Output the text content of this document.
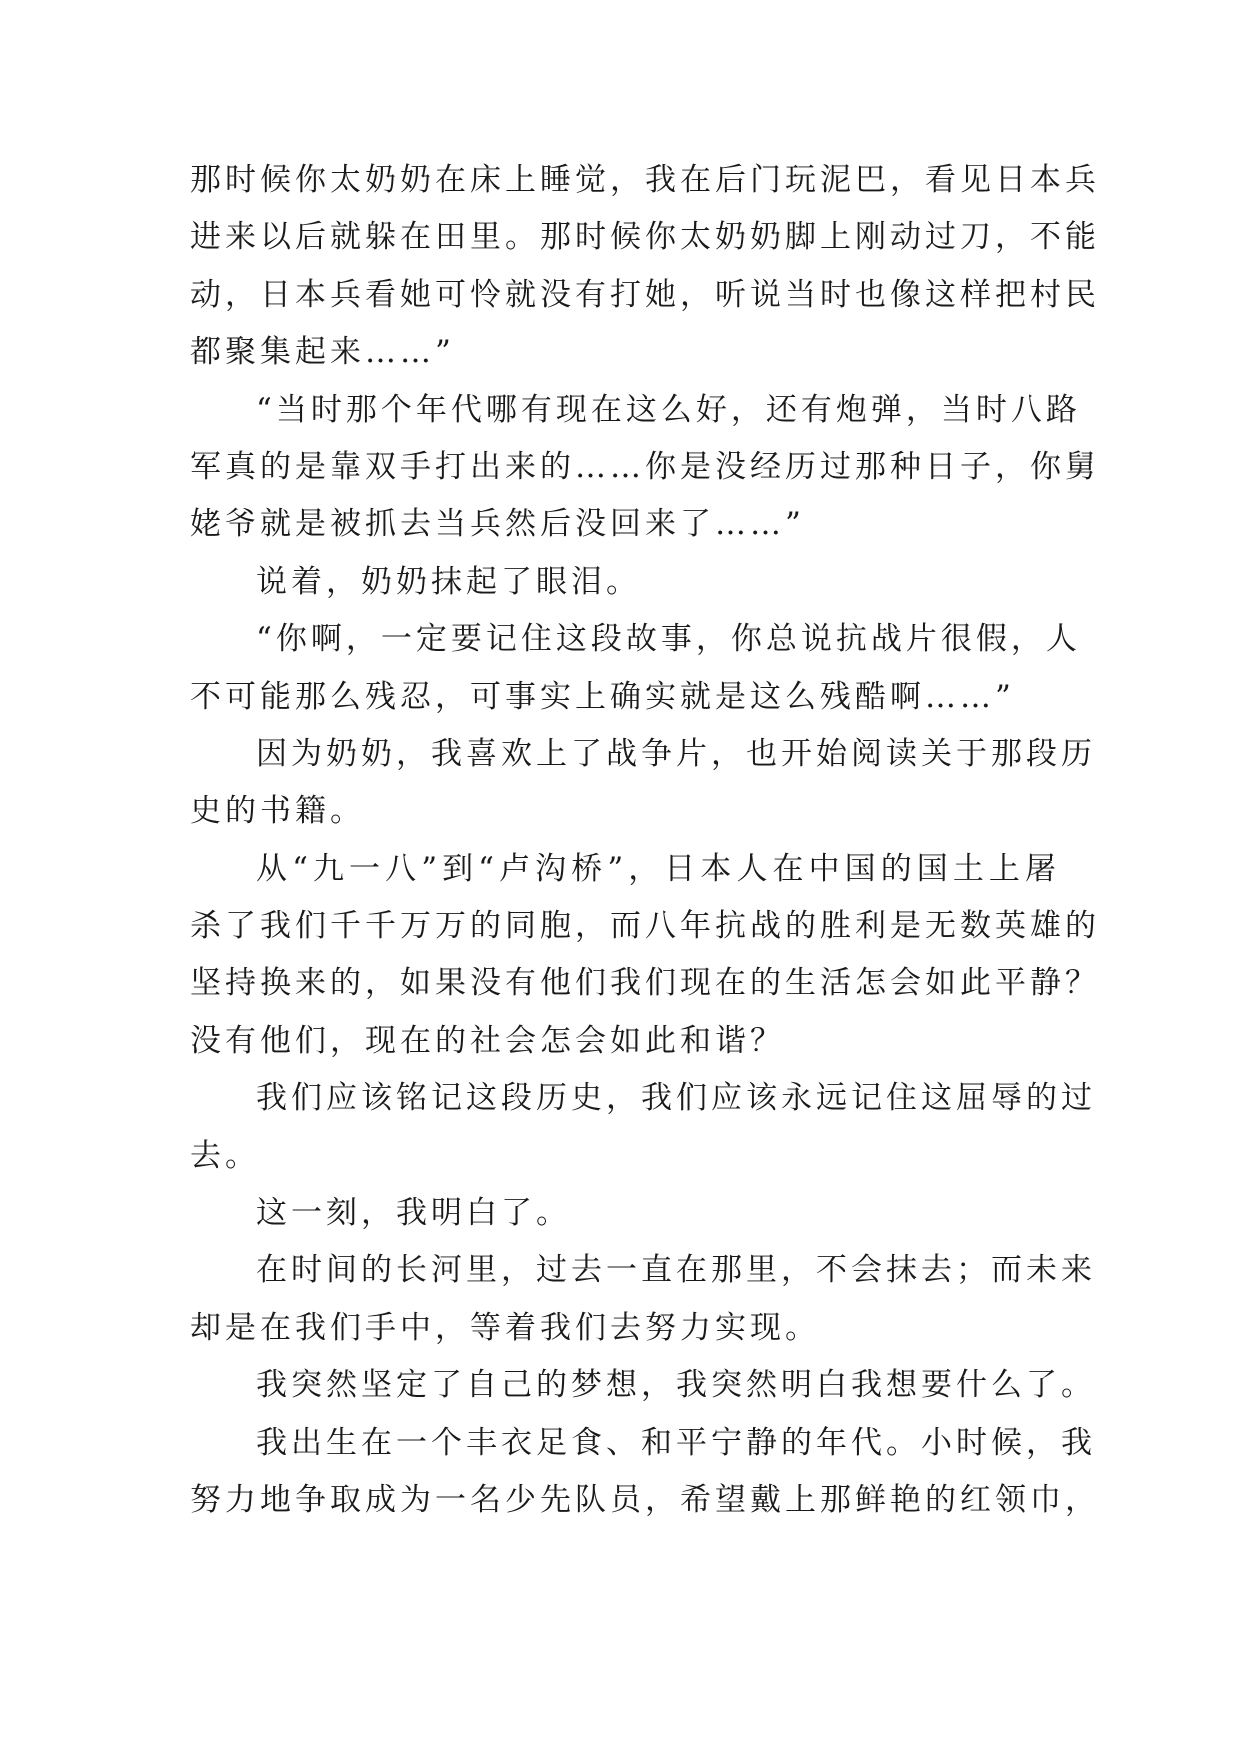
那时候你太奶奶在床上睡觉，我在后门玩泥巴，看见日本兵
进来以后就躲在田里。那时候你太奶奶脚上刚动过刀，不能
动，日本兵看她可怜就没有打她，听说当时也像这样把村民
都聚集起来……”
“当时那个年代哪有现在这么好，还有炮弹，当时八路
军真的是靠双手打出来的……你是没经历过那种日子，你舅
姥爷就是被抓去当兵然后没回来了……”
说着，奶奶抹起了眼泪。
“你啊，一定要记住这段故事，你总说抗战片很假，人
不可能那么残忍，可事实上确实就是这么残酷啊……”
因为奶奶，我喜欢上了战争片，也开始阅读关于那段历
史的书籍。
从“九一八”到“卢沟桥”，日本人在中国的国土上屠
杀了我们千千万万的同胞，而八年抗战的胜利是无数英雄的
坚持换来的，如果没有他们我们现在的生活怎会如此平静？
没有他们，现在的社会怎会如此和谐？
我们应该铭记这段历史，我们应该永远记住这屈辱的过
去。
这一刻，我明白了。
在时间的长河里，过去一直在那里，不会抹去；而未来
却是在我们手中，等着我们去努力实现。
我突然坚定了自己的梦想，我突然明白我想要什么了。
我出生在一个丰衣足食、和平宁静的年代。小时候，我
努力地争取成为一名少先队员，希望戴上那鲜艳的红领巾，
